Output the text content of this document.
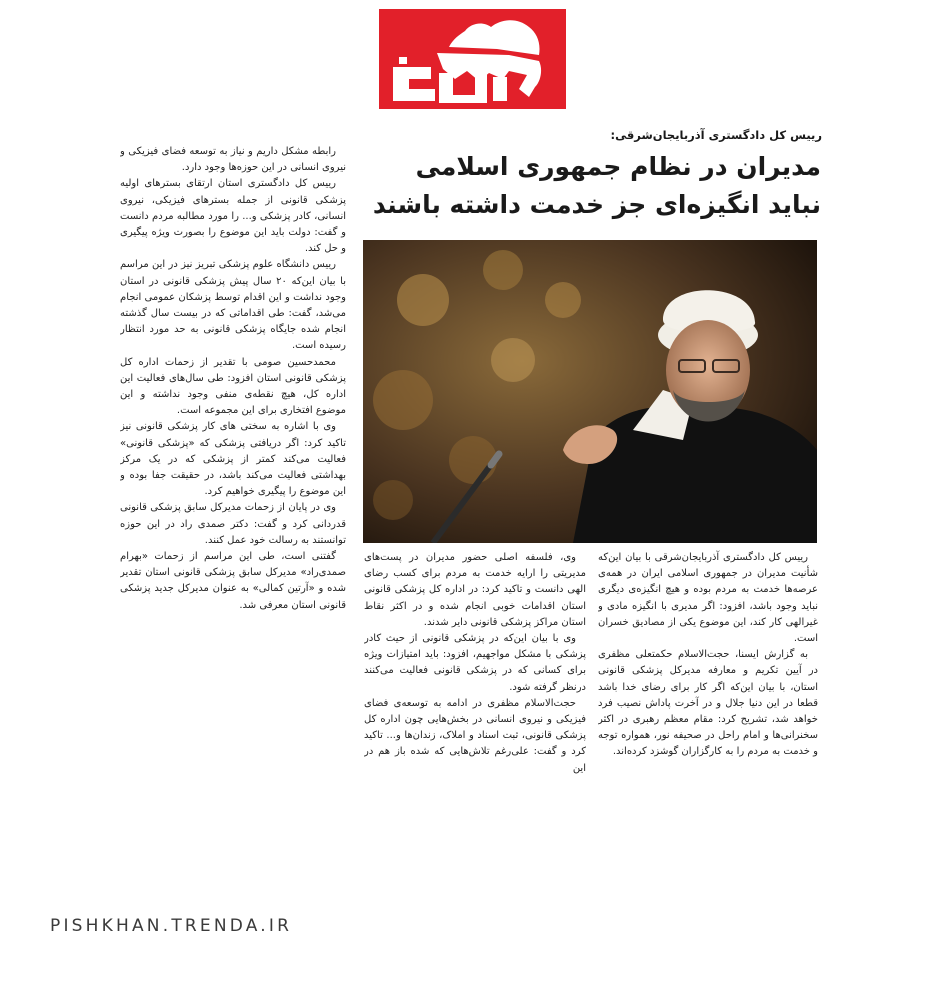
رییس کل دادگستری آذربایجان‌شرقی:
مدیران در نظام جمهوری اسلامی
نباید انگیزه‌ای جز خدمت داشته باشند

رییس کل دادگستری آذربایجان‌شرقی با بیان این‌که شأنیت مدیران در جمهوری اسلامی ایران در همه‌ی عرصه‌ها خدمت به مردم بوده و هیچ انگیزه‌ی دیگری نباید وجود باشد، افزود: اگر مدیری با انگیزه مادی و غیرالهی کار کند، این موضوع یکی از مصادیق خسران است.

به گزارش ایسنا، حجت‌الاسلام حکمتعلی مظفری در آیین تکریم و معارفه مدیرکل پزشکی قانونی استان، با بیان این‌که اگر کار برای رضای خدا باشد قطعا در این دنیا جلال و در آخرت پاداش نصیب فرد خواهد شد، تشریح کرد: مقام معظم رهبری در اکثر سخنرانی‌ها و امام راحل در صحیفه نور، همواره توجه و خدمت به مردم را به کارگزاران گوشزد کرده‌اند.

وی، فلسفه اصلی حضور مدیران در پست‌های مدیریتی را ارایه خدمت به مردم برای کسب رضای الهی دانست و تاکید کرد: در اداره کل پزشکی قانونی استان اقدامات خوبی انجام شده و در اکثر نقاط استان مراکز پزشکی قانونی دایر شدند.

وی با بیان این‌که در پزشکی قانونی از حیث کادر پزشکی با مشکل مواجهیم، افزود: باید امتیازات ویژه برای کسانی که در پزشکی قانونی فعالیت می‌کنند درنظر گرفته شود.

حجت‌الاسلام مظفری در ادامه به توسعه‌ی فضای فیزیکی و نیروی انسانی در بخش‌هایی چون اداره کل پزشکی قانونی، ثبت اسناد و املاک، زندان‌ها و... تاکید کرد و گفت: علی‌رغم تلاش‌هایی که شده باز هم در این

رابطه مشکل داریم و نیاز به توسعه فضای فیزیکی و نیروی انسانی در این حوزه‌ها وجود دارد.

رییس کل دادگستری استان ارتقای بسترهای اولیه پزشکی قانونی از جمله بسترهای فیزیکی، نیروی انسانی، کادر پزشکی و... را مورد مطالبه مردم دانست و گفت: دولت باید این موضوع را بصورت ویژه پیگیری و حل کند.

رییس دانشگاه علوم پزشکی تبریز نیز در این مراسم با بیان این‌که ۲۰ سال پیش پزشکی قانونی در استان وجود نداشت و این اقدام توسط پزشکان عمومی انجام می‌شد، گفت: طی اقداماتی که در بیست سال گذشته انجام شده جایگاه پزشکی قانونی به حد مورد انتظار رسیده است.

محمدحسین صومی با تقدیر از زحمات اداره کل پزشکی قانونی استان افزود: طی سال‌های فعالیت این اداره کل، هیچ نقطه‌ی منفی وجود نداشته و این موضوع افتخاری برای این مجموعه است.

وی با اشاره به سختی های کار پزشکی قانونی نیز تاکید کرد: اگر دریافتی پزشکی که «پزشکی قانونی» فعالیت می‌کند کمتر از پزشکی که در یک مرکز بهداشتی فعالیت می‌کند باشد، در حقیقت جفا بوده و این موضوع را پیگیری خواهیم کرد.

وی در پایان از زحمات مدیرکل سابق پزشکی قانونی قدردانی کرد و گفت: دکتر صمدی راد در این حوزه توانستند به رسالت خود عمل کنند.

گفتنی است، طی این مراسم از زحمات «بهرام صمدی‌راد» مدیرکل سابق پزشکی قانونی استان تقدیر شده و «آرتین کمالی» به عنوان مدیرکل جدید پزشکی قانونی استان معرفی شد.

PISHKHAN.TRENDA.IR
